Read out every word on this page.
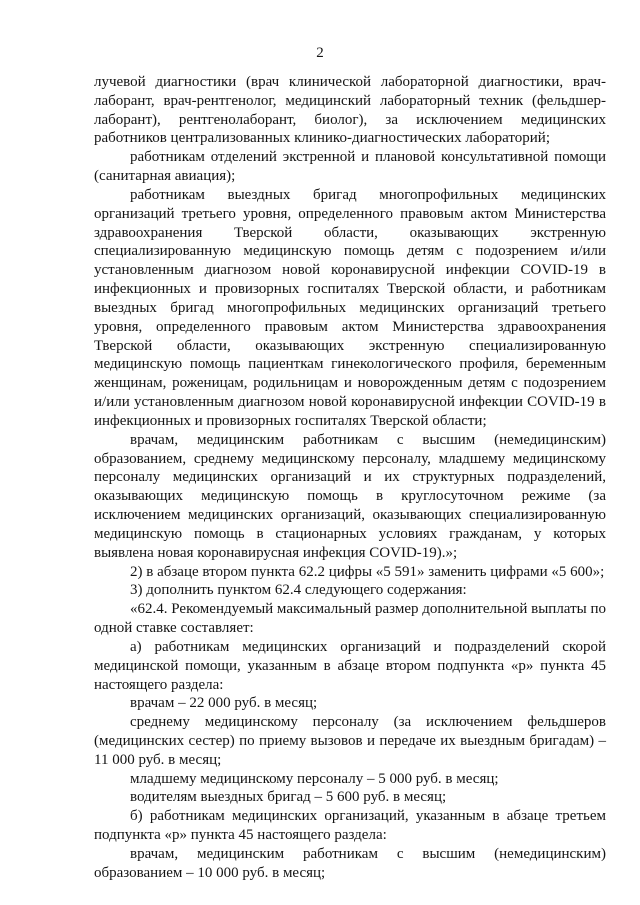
2

лучевой диагностики (врач клинической лабораторной диагностики, врач-лаборант, врач-рентгенолог, медицинский лабораторный техник (фельдшер-лаборант), рентгенолаборант, биолог), за исключением медицинских работников централизованных клинико-диагностических лабораторий;

работникам отделений экстренной и плановой консультативной помощи (санитарная авиация);

работникам выездных бригад многопрофильных медицинских организаций третьего уровня, определенного правовым актом Министерства здравоохранения Тверской области, оказывающих экстренную специализированную медицинскую помощь детям с подозрением и/или установленным диагнозом новой коронавирусной инфекции COVID-19 в инфекционных и провизорных госпиталях Тверской области, и работникам выездных бригад многопрофильных медицинских организаций третьего уровня, определенного правовым актом Министерства здравоохранения Тверской области, оказывающих экстренную специализированную медицинскую помощь пациенткам гинекологического профиля, беременным женщинам, роженицам, родильницам и новорожденным детям с подозрением и/или установленным диагнозом новой коронавирусной инфекции COVID-19 в инфекционных и провизорных госпиталях Тверской области;

врачам, медицинским работникам с высшим (немедицинским) образованием, среднему медицинскому персоналу, младшему медицинскому персоналу медицинских организаций и их структурных подразделений, оказывающих медицинскую помощь в круглосуточном режиме (за исключением медицинских организаций, оказывающих специализированную медицинскую помощь в стационарных условиях гражданам, у которых выявлена новая коронавирусная инфекция COVID-19).»;

2) в абзаце втором пункта 62.2 цифры «5 591» заменить цифрами «5 600»;

3) дополнить пунктом 62.4 следующего содержания:

«62.4. Рекомендуемый максимальный размер дополнительной выплаты по одной ставке составляет:

а) работникам медицинских организаций и подразделений скорой медицинской помощи, указанным в абзаце втором подпункта «р» пункта 45 настоящего раздела:

врачам – 22 000 руб. в месяц;

среднему медицинскому персоналу (за исключением фельдшеров (медицинских сестер) по приему вызовов и передаче их выездным бригадам) – 11 000 руб. в месяц;

младшему медицинскому персоналу – 5 000 руб. в месяц;

водителям выездных бригад – 5 600 руб. в месяц;

б) работникам медицинских организаций, указанным в абзаце третьем подпункта «р» пункта 45 настоящего раздела:

врачам, медицинским работникам с высшим (немедицинским) образованием – 10 000 руб. в месяц;
